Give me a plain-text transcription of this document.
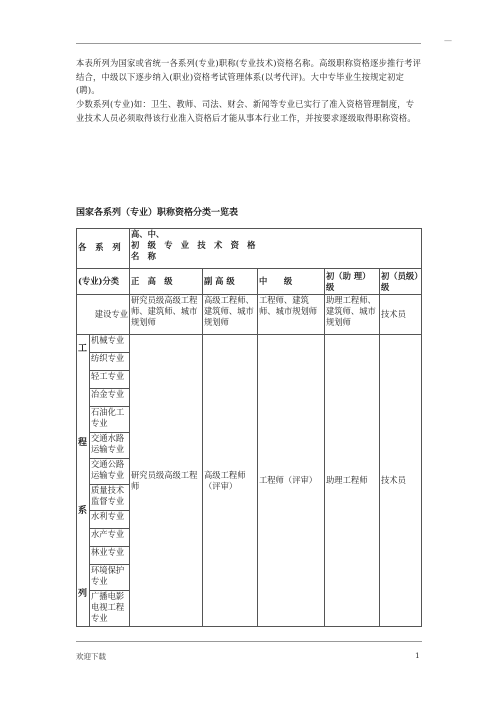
—

本表所列为国家或省统一各系列(专业)职称(专业技术)资格名称。高级职称资格逐步推行考评结合，中级以下逐步纳入(职业)资格考试管理体系(以考代评)。大中专毕业生按规定初定(聘)。

少数系列(专业)如：卫生、教师、司法、财会、新闻等专业已实行了准入资格管理制度，专业技术人员必须取得该行业准入资格后才能从事本行业工作，并按要求逐级取得职称资格。

国家各系列（专业）职称资格分类一览表
各　系　列		高、中、
初　级　专　业　技　术　资　格
名　称				

(专业)分类		正　高　级	副 高 级	中　　级	初（助 理）级	初（员级）级
建设专业		研究员级高级工程师、建筑师、城市规划师	高级工程师、建筑师、城市规划师	工程师、建筑师、城市规划师	助理工程师、建筑师、城市规划师	技术员

工
程
系
列	机械专业	研究员级高级工程师	高级工程师（评审）	工程师（评审）	助理工程师	技术员
	纺织专业					
	轻工专业					
	冶金专业					
	石油化工专业					
	交通水路运输专业					
	交通公路运输专业					
	质量技术监督专业					
	水利专业					
	水产专业					
	林业专业					
	环境保护专业					
	广播电影电视工程专业					
欢迎下载	1
